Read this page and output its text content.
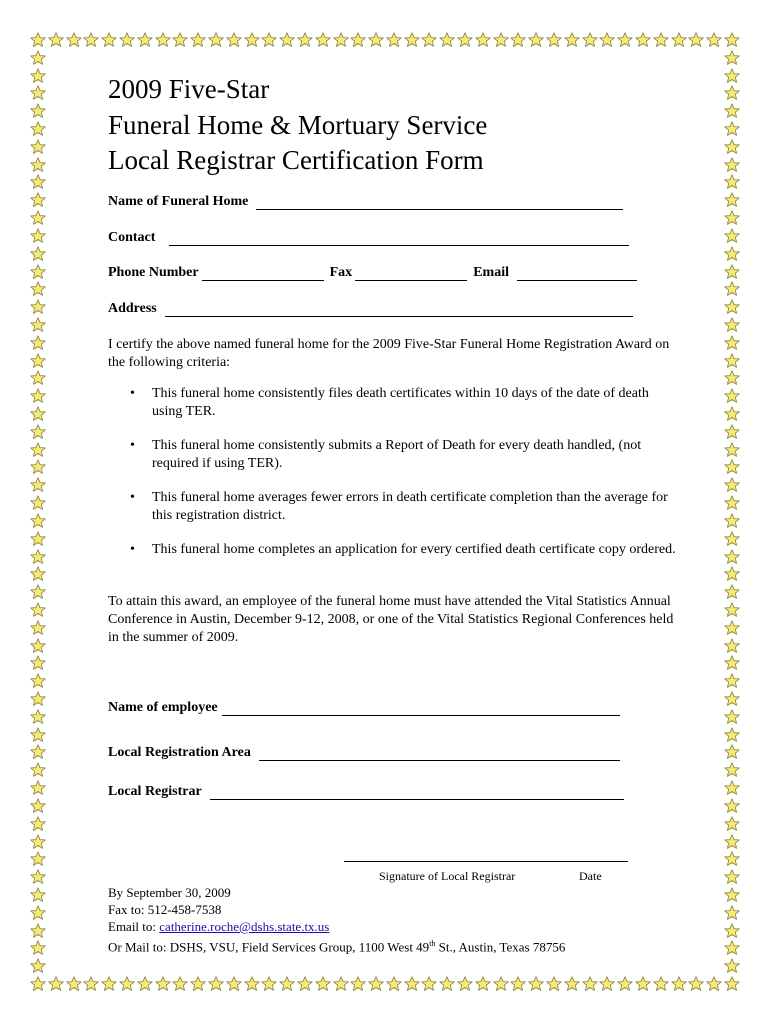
2009 Five-Star
Funeral Home & Mortuary Service
Local Registrar Certification Form
Name of Funeral Home
Contact
Phone Number	Fax	Email
Address
I certify the above named funeral home for the 2009 Five-Star Funeral Home Registration Award on the following criteria:
• This funeral home consistently files death certificates within 10 days of the date of death using TER.
• This funeral home consistently submits a Report of Death for every death handled, (not required if using TER).
• This funeral home averages fewer errors in death certificate completion than the average for this registration district.
• This funeral home completes an application for every certified death certificate copy ordered.
To attain this award, an employee of the funeral home must have attended the Vital Statistics Annual Conference in Austin, December 9-12, 2008, or one of the Vital Statistics Regional Conferences held in the summer of 2009.
Name of employee
Local Registration Area
Local Registrar
Signature of Local Registrar	Date
By September 30, 2009
Fax to: 512-458-7538
Email to: catherine.roche@dshs.state.tx.us
Or Mail to: DSHS, VSU, Field Services Group, 1100 West 49th St., Austin, Texas 78756
